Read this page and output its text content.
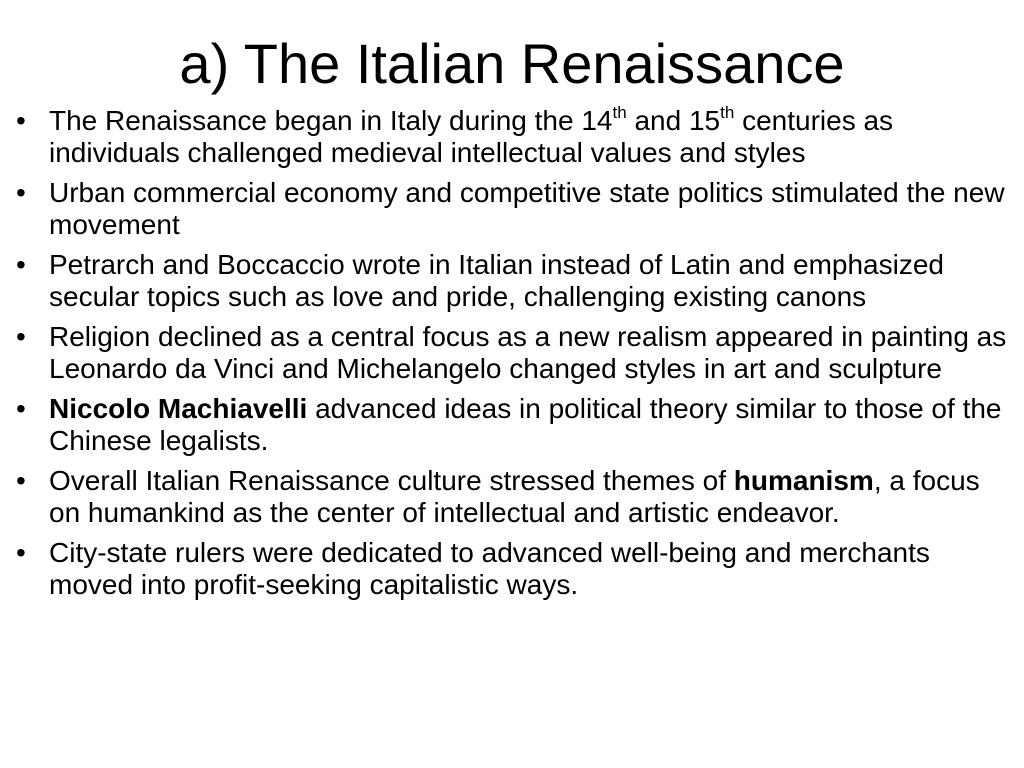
a) The Italian Renaissance
• The Renaissance began in Italy during the 14th and 15th centuries as individuals challenged medieval intellectual values and styles
• Urban commercial economy and competitive state politics stimulated the new movement
• Petrarch and Boccaccio wrote in Italian instead of Latin and emphasized secular topics such as love and pride, challenging existing canons
• Religion declined as a central focus as a new realism appeared in painting as Leonardo da Vinci and Michelangelo changed styles in art and sculpture
• Niccolo Machiavelli advanced ideas in political theory similar to those of the Chinese legalists.
• Overall Italian Renaissance culture stressed themes of humanism, a focus on humankind as the center of intellectual and artistic endeavor.
• City-state rulers were dedicated to advanced well-being and merchants moved into profit-seeking capitalistic ways.
